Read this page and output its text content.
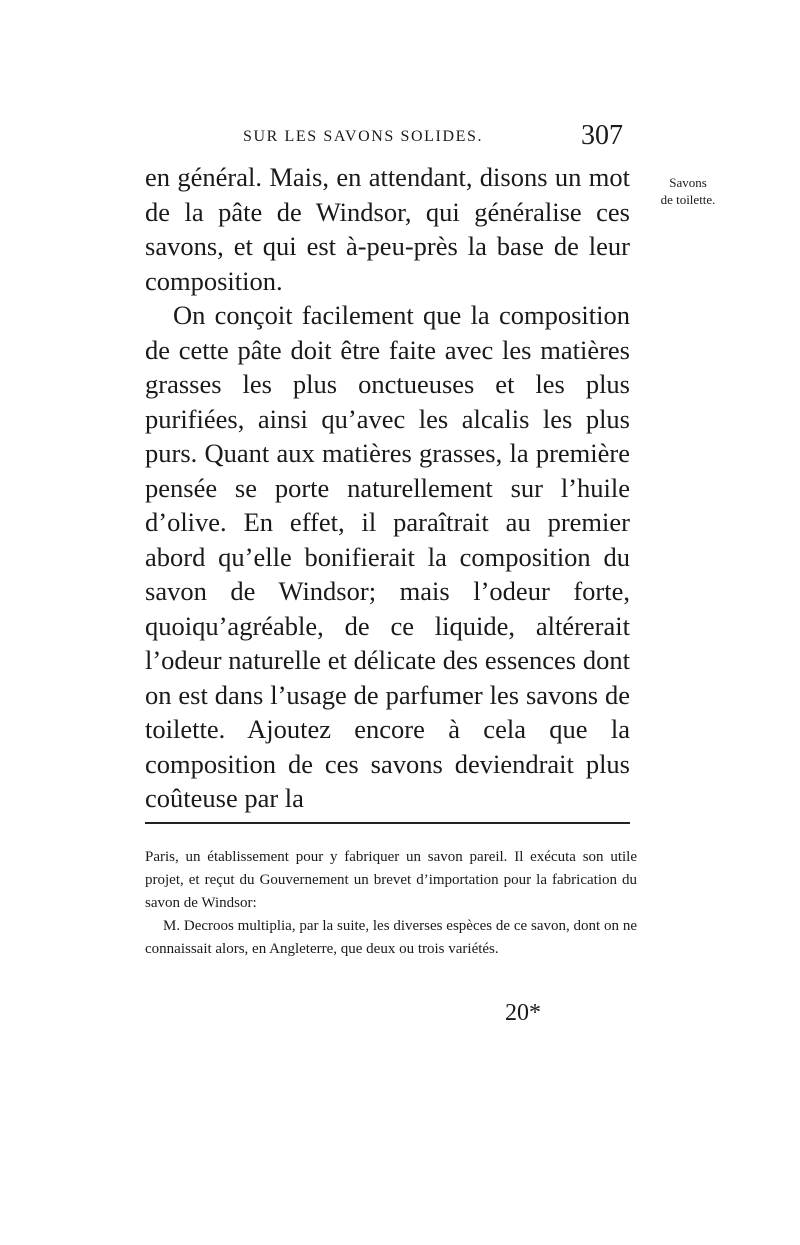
SUR LES SAVONS SOLIDES.	307
Savons
de toilette.

en général. Mais, en attendant, disons un mot de la pâte de Windsor, qui généralise ces savons, et qui est à-peu-près la base de leur composition.

On conçoit facilement que la composition de cette pâte doit être faite avec les matières grasses les plus onctueuses et les plus purifiées, ainsi qu’avec les alcalis les plus purs. Quant aux matières grasses, la première pensée se porte naturellement sur l’huile d’olive. En effet, il paraîtrait au premier abord qu’elle bonifierait la composition du savon de Windsor; mais l’odeur forte, quoiqu’agréable, de ce liquide, altérerait l’odeur naturelle et délicate des essences dont on est dans l’usage de parfumer les savons de toilette. Ajoutez encore à cela que la composition de ces savons deviendrait plus coûteuse par la

Paris, un établissement pour y fabriquer un savon pareil. Il exécuta son utile projet, et reçut du Gouvernement un brevet d’importation pour la fabrication du savon de Windsor:

M. Decroos multiplia, par la suite, les diverses espèces de ce savon, dont on ne connaissait alors, en Angleterre, que deux ou trois variétés.

20*
